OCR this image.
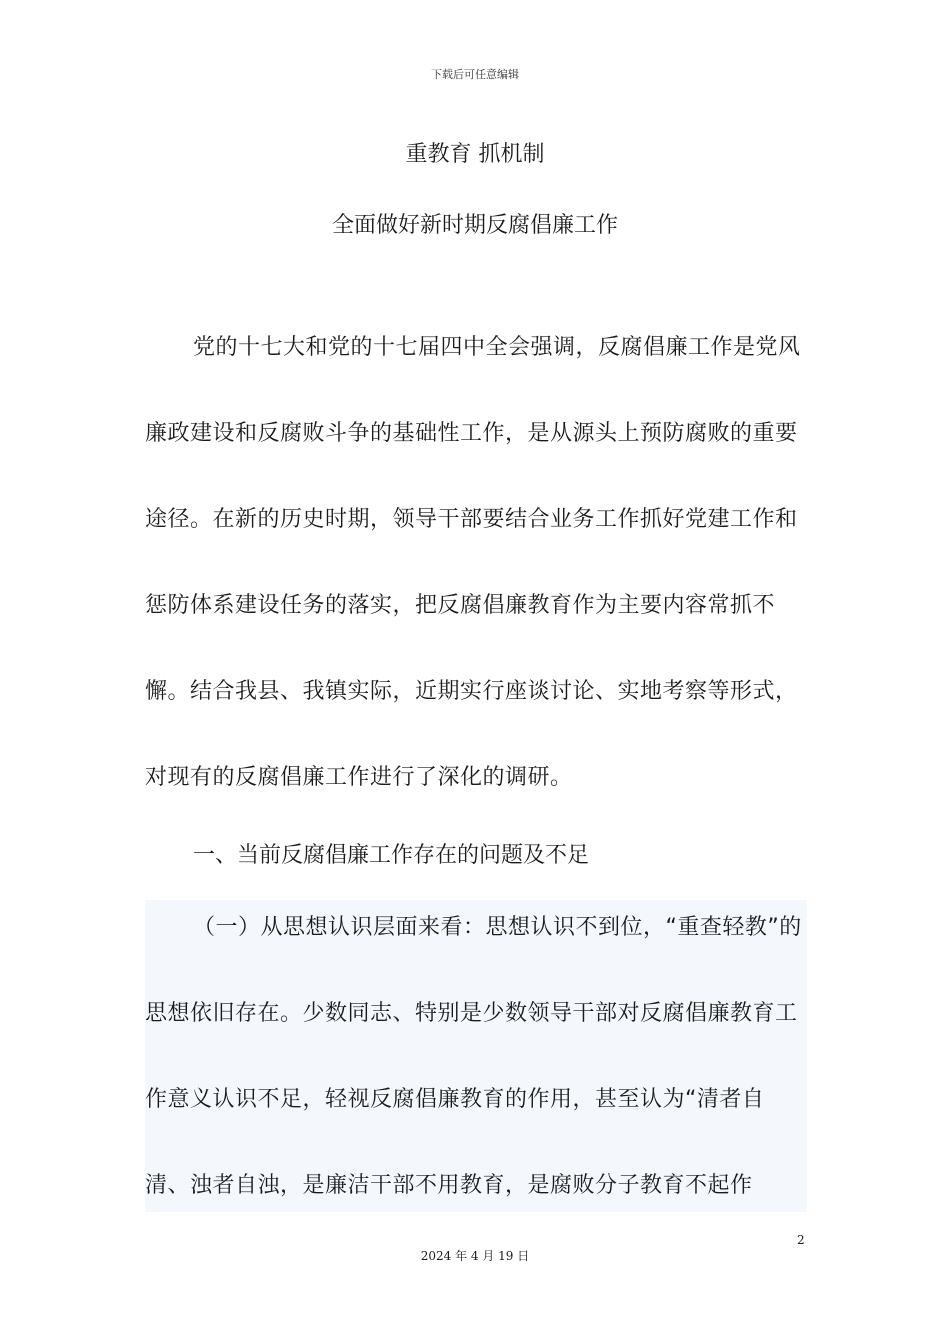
下载后可任意编辑
重教育 抓机制
全面做好新时期反腐倡廉工作
党的十七大和党的十七届四中全会强调，反腐倡廉工作是党风廉政建设和反腐败斗争的基础性工作，是从源头上预防腐败的重要途径。在新的历史时期，领导干部要结合业务工作抓好党建工作和惩防体系建设任务的落实，把反腐倡廉教育作为主要内容常抓不懈。结合我县、我镇实际，近期实行座谈讨论、实地考察等形式，对现有的反腐倡廉工作进行了深化的调研。
一、当前反腐倡廉工作存在的问题及不足
（一）从思想认识层面来看：思想认识不到位，“重查轻教”的思想依旧存在。少数同志、特别是少数领导干部对反腐倡廉教育工作意义认识不足，轻视反腐倡廉教育的作用，甚至认为“清者自清、浊者自浊，是廉洁干部不用教育，是腐败分子教育不起作
2
2024 年 4 月 19 日
